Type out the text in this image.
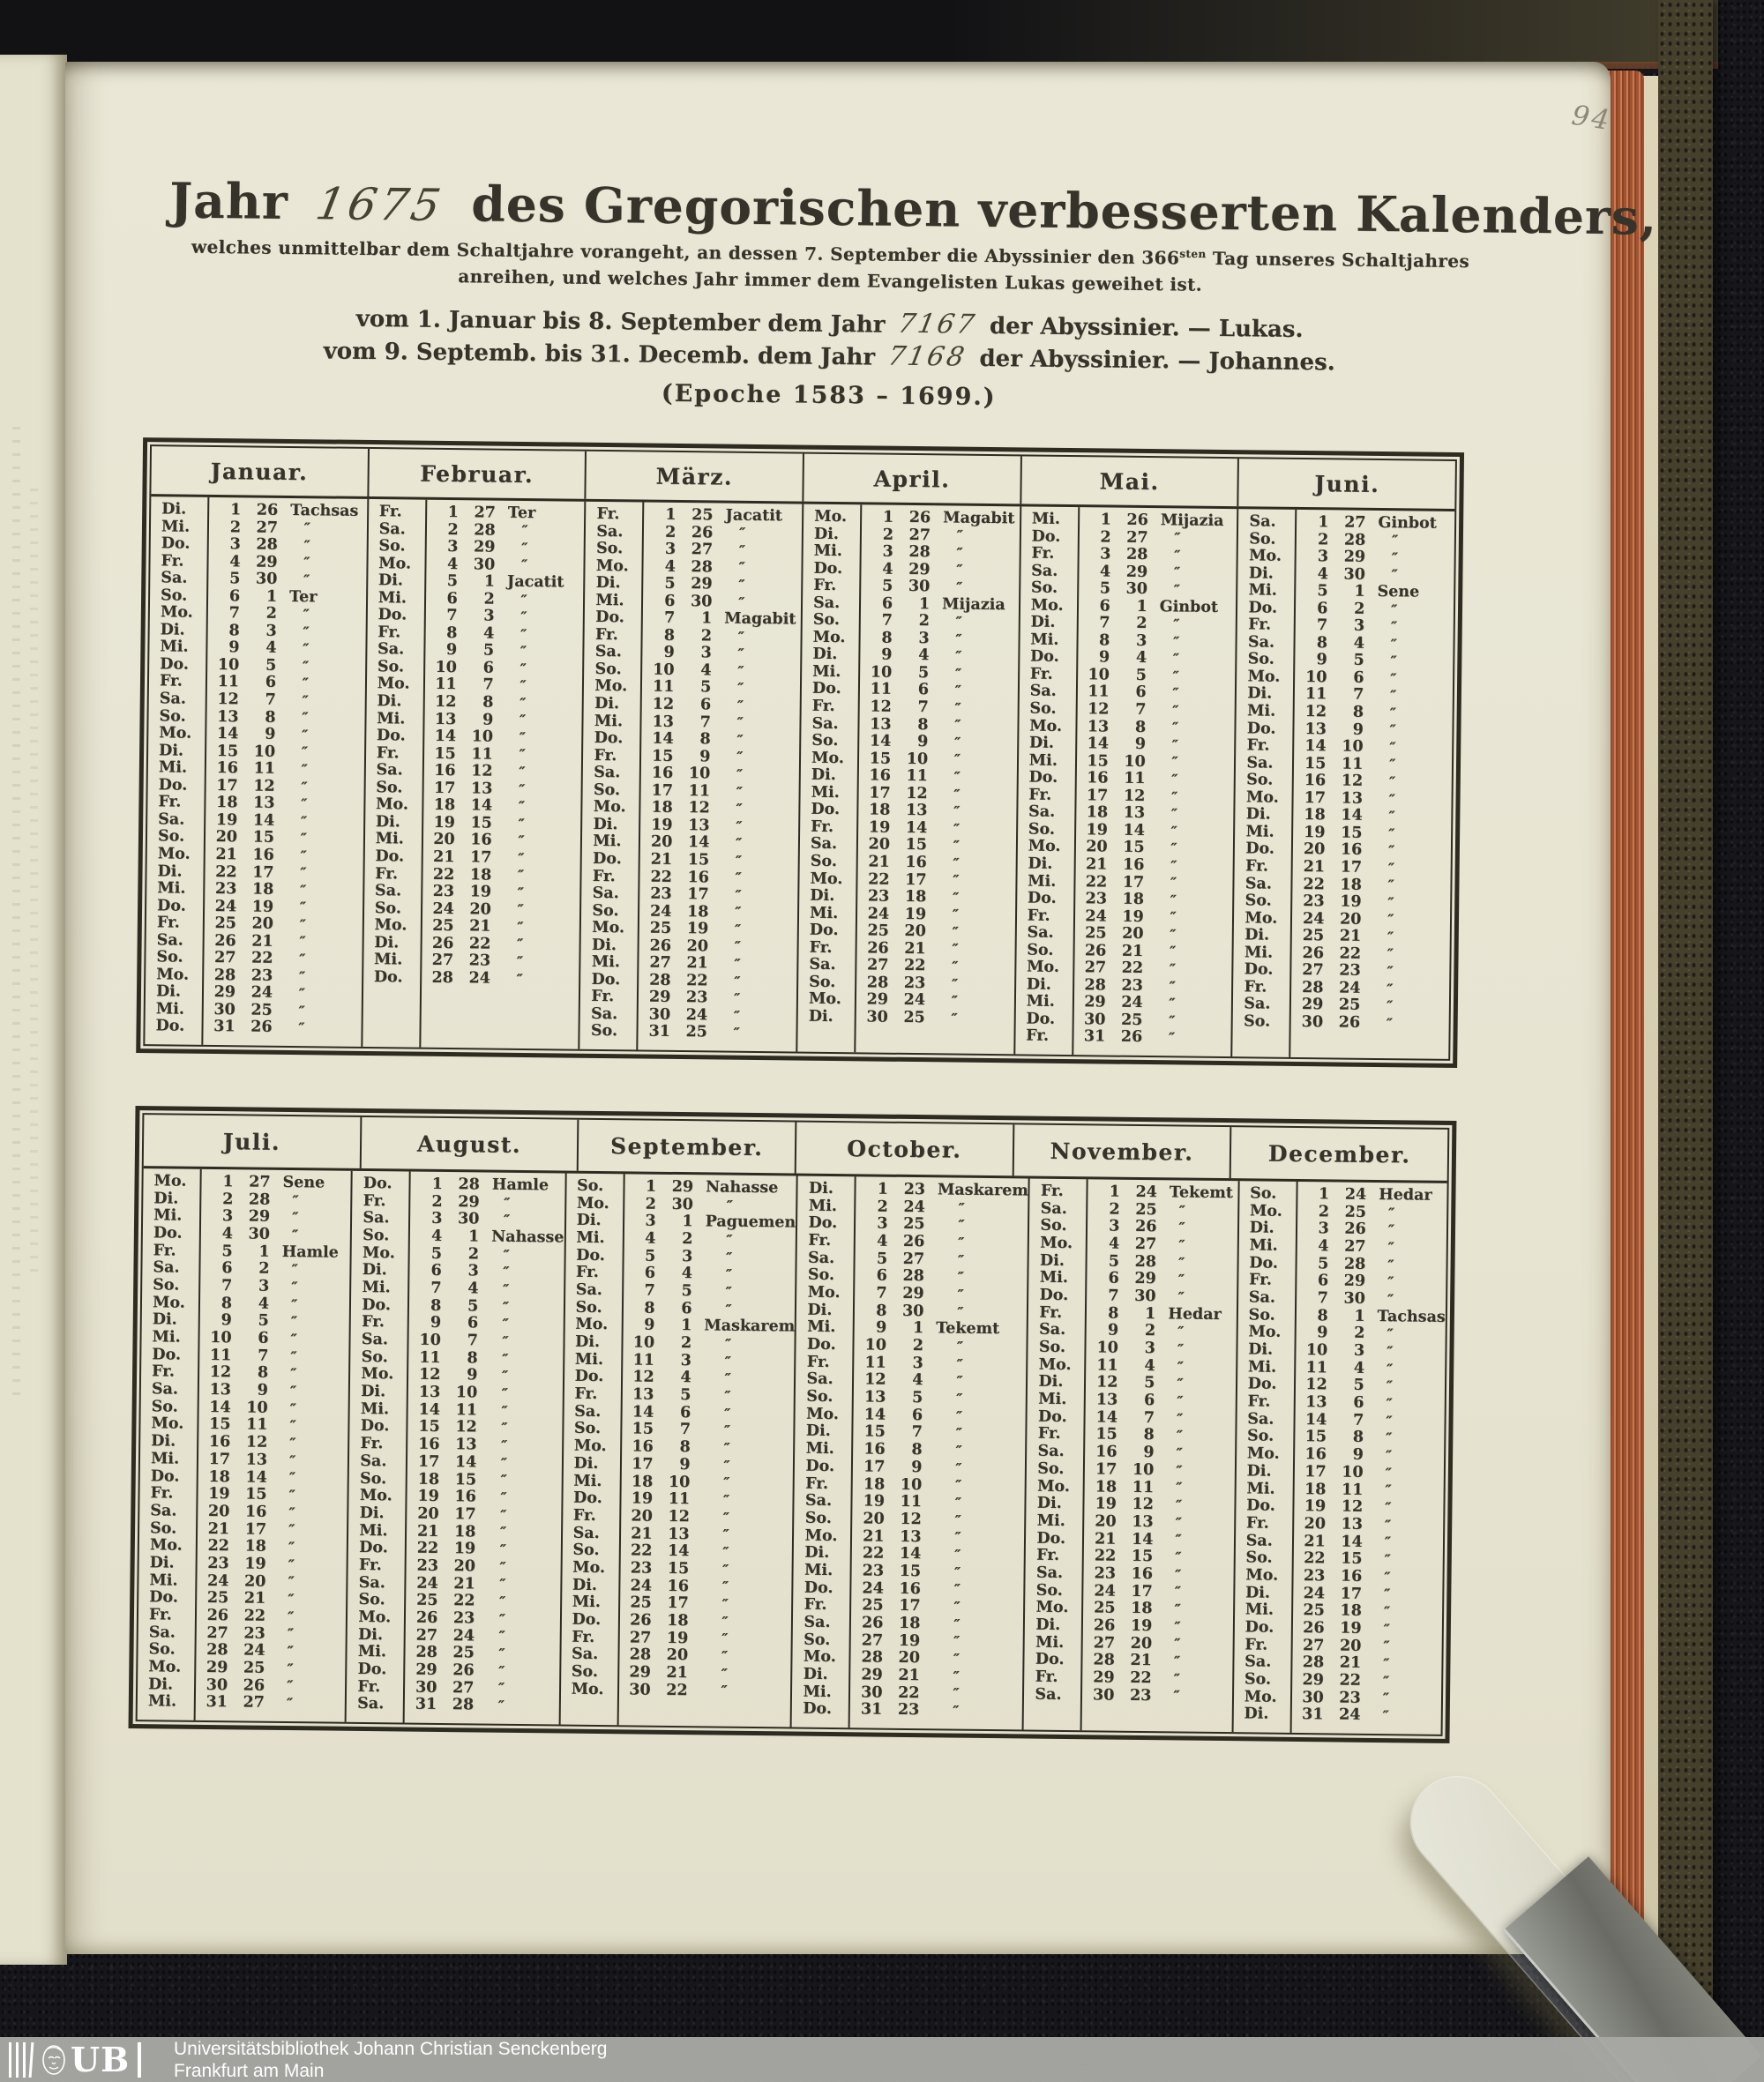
Jahr 1675 des Gregorischen verbesserten Kalenders,
welches unmittelbar dem Schaltjahre vorangeht, an dessen 7. September die Abyssinier den $366^{sten}$ Tag unseres Schaltjahres
anreihen, und welches Jahr immer dem Evangelisten Lukas geweihet ist.
vom 1. Januar bis 8. September dem Jahr 7167 der Abyssinier. — Lukas.
vom 9. Septemb. bis 31. Decemb. dem Jahr 7168 der Abyssinier. — Johannes.
(Epoche 1583 – 1699.)
Januar.	Februar.	März.	April.	Mai.	Juni.
Di.	1 26 Tachsas
Mi.	2 27	″
Do.	3 28	″
Fr.	4 29	″
Sa.	5 30	″
So.	6	1 Ter
Mo.	7	2	″
Di.	8	3	″
Mi.	9	4	″
Do.	10	5	″
Fr.	11	6	″
Sa.	12	7	″
So.	13	8	″
Mo.	14	9	″
Di.	15 10	″
Mi.	16 11	″
Do.	17 12	″
Fr.	18 13	″
Sa.	19 14	″
So.	20 15	″
Mo.	21 16	″
Di.	22 17	″
Mi.	23 18	″
Do.	24 19	″
Fr.	25 20	″
Sa.	26 21	″
So.	27 22	″
Mo.	28 23	″
Di.	29 24	″
Mi.	30 25	″
Do.	31 26	″
Fr.	1 27 Ter
Sa.	2 28	″
So.	3 29	″
Mo.	4 30	″
Di.	5	1 Jacatit
Mi.	6	2	″
Do.	7	3	″
Fr.	8	4	″
Sa.	9	5	″
So.	10	6	″
Mo.	11	7	″
Di.	12	8	″
Mi.	13	9	″
Do.	14 10	″
Fr.	15 11	″
Sa.	16 12	″
So.	17 13	″
Mo.	18 14	″
Di.	19 15	″
Mi.	20 16	″
Do.	21 17	″
Fr.	22 18	″
Sa.	23 19	″
So.	24 20	″
Mo.	25 21	″
Di.	26 22	″
Mi.	27 23	″
Do.	28 24	″
Fr.	1 25 Jacatit
Sa.	2 26	″
So.	3 27	″
Mo.	4 28	″
Di.	5 29	″
Mi.	6 30	″
Do.	7	1 Magabit
Fr.	8	2	″
Sa.	9	3	″
So.	10	4	″
Mo.	11	5	″
Di.	12	6	″
Mi.	13	7	″
Do.	14	8	″
Fr.	15	9	″
Sa.	16 10	″
So.	17 11	″
Mo.	18 12	″
Di.	19 13	″
Mi.	20 14	″
Do.	21 15	″
Fr.	22 16	″
Sa.	23 17	″
So.	24 18	″
Mo.	25 19	″
Di.	26 20	″
Mi.	27 21	″
Do.	28 22	″
Fr.	29 23	″
Sa.	30 24	″
So.	31 25	″
Mo.	1 26 Magabit
Di.	2 27	″
Mi.	3 28	″
Do.	4 29	″
Fr.	5 30	″
Sa.	6	1 Mijazia
So.	7	2	″
Mo.	8	3	″
Di.	9	4	″
Mi.	10	5	″
Do.	11	6	″
Fr.	12	7	″
Sa.	13	8	″
So.	14	9	″
Mo.	15 10	″
Di.	16 11	″
Mi.	17 12	″
Do.	18 13	″
Fr.	19 14	″
Sa.	20 15	″
So.	21 16	″
Mo.	22 17	″
Di.	23 18	″
Mi.	24 19	″
Do.	25 20	″
Fr.	26 21	″
Sa.	27 22	″
So.	28 23	″
Mo.	29 24	″
Di.	30 25	″
Mi.	1 26 Mijazia
Do.	2 27	″
Fr.	3 28	″
Sa.	4 29	″
So.	5 30	″
Mo.	6	1 Ginbot
Di.	7	2	″
Mi.	8	3	″
Do.	9	4	″
Fr.	10	5	″
Sa.	11	6	″
So.	12	7	″
Mo.	13	8	″
Di.	14	9	″
Mi.	15 10	″
Do.	16 11	″
Fr.	17 12	″
Sa.	18 13	″
So.	19 14	″
Mo.	20 15	″
Di.	21 16	″
Mi.	22 17	″
Do.	23 18	″
Fr.	24 19	″
Sa.	25 20	″
So.	26 21	″
Mo.	27 22	″
Di.	28 23	″
Mi.	29 24	″
Do.	30 25	″
Fr.	31 26	″
Sa.	1 27 Ginbot
So.	2 28	″
Mo.	3 29	″
Di.	4 30	″
Mi.	5	1 Sene
Do.	6	2	″
Fr.	7	3	″
Sa.	8	4	″
So.	9	5	″
Mo.	10	6	″
Di.	11	7	″
Mi.	12	8	″
Do.	13	9	″
Fr.	14 10	″
Sa.	15 11	″
So.	16 12	″
Mo.	17 13	″
Di.	18 14	″
Mi.	19 15	″
Do.	20 16	″
Fr.	21 17	″
Sa.	22 18	″
So.	23 19	″
Mo.	24 20	″
Di.	25 21	″
Mi.	26 22	″
Do.	27 23	″
Fr.	28 24	″
Sa.	29 25	″
So.	30 26	″
Juli.	August.	September.	October.	November.	December.
Mo.	1 27 Sene
Di.	2 28	″
Mi.	3 29	″
Do.	4 30	″
Fr.	5	1 Hamle
Sa.	6	2	″
So.	7	3	″
Mo.	8	4	″
Di.	9	5	″
Mi.	10	6	″
Do.	11	7	″
Fr.	12	8	″
Sa.	13	9	″
So.	14 10	″
Mo.	15 11	″
Di.	16 12	″
Mi.	17 13	″
Do.	18 14	″
Fr.	19 15	″
Sa.	20 16	″
So.	21 17	″
Mo.	22 18	″
Di.	23 19	″
Mi.	24 20	″
Do.	25 21	″
Fr.	26 22	″
Sa.	27 23	″
So.	28 24	″
Mo.	29 25	″
Di.	30 26	″
Mi.	31 27	″
Do.	1 28 Hamle
Fr.	2 29	″
Sa.	3 30	″
So.	4	1 Nahasse
Mo.	5	2	″
Di.	6	3	″
Mi.	7	4	″
Do.	8	5	″
Fr.	9	6	″
Sa.	10	7	″
So.	11	8	″
Mo.	12	9	″
Di.	13 10	″
Mi.	14 11	″
Do.	15 12	″
Fr.	16 13	″
Sa.	17 14	″
So.	18 15	″
Mo.	19 16	″
Di.	20 17	″
Mi.	21 18	″
Do.	22 19	″
Fr.	23 20	″
Sa.	24 21	″
So.	25 22	″
Mo.	26 23	″
Di.	27 24	″
Mi.	28 25	″
Do.	29 26	″
Fr.	30 27	″
Sa.	31 28	″
So.	1 29 Nahasse
Mo.	2 30	″
Di.	3	1 Paguemen
Mi.	4	2	″
Do.	5	3	″
Fr.	6	4	″
Sa.	7	5	″
So.	8	6	″
Mo.	9	1 Maskarem
Di.	10	2	″
Mi.	11	3	″
Do.	12	4	″
Fr.	13	5	″
Sa.	14	6	″
So.	15	7	″
Mo.	16	8	″
Di.	17	9	″
Mi.	18 10	″
Do.	19 11	″
Fr.	20 12	″
Sa.	21 13	″
So.	22 14	″
Mo.	23 15	″
Di.	24 16	″
Mi.	25 17	″
Do.	26 18	″
Fr.	27 19	″
Sa.	28 20	″
So.	29 21	″
Mo.	30 22	″
Di.	1 23 Maskarem
Mi.	2 24	″
Do.	3 25	″
Fr.	4 26	″
Sa.	5 27	″
So.	6 28	″
Mo.	7 29	″
Di.	8 30	″
Mi.	9	1 Tekemt
Do.	10	2	″
Fr.	11	3	″
Sa.	12	4	″
So.	13	5	″
Mo.	14	6	″
Di.	15	7	″
Mi.	16	8	″
Do.	17	9	″
Fr.	18 10	″
Sa.	19 11	″
So.	20 12	″
Mo.	21 13	″
Di.	22 14	″
Mi.	23 15	″
Do.	24 16	″
Fr.	25 17	″
Sa.	26 18	″
So.	27 19	″
Mo.	28 20	″
Di.	29 21	″
Mi.	30 22	″
Do.	31 23	″
Fr.	1 24 Tekemt
Sa.	2 25	″
So.	3 26	″
Mo.	4 27	″
Di.	5 28	″
Mi.	6 29	″
Do.	7 30	″
Fr.	8	1 Hedar
Sa.	9	2	″
So.	10	3	″
Mo.	11	4	″
Di.	12	5	″
Mi.	13	6	″
Do.	14	7	″
Fr.	15	8	″
Sa.	16	9	″
So.	17 10	″
Mo.	18 11	″
Di.	19 12	″
Mi.	20 13	″
Do.	21 14	″
Fr.	22 15	″
Sa.	23 16	″
So.	24 17	″
Mo.	25 18	″
Di.	26 19	″
Mi.	27 20	″
Do.	28 21	″
Fr.	29 22	″
Sa.	30 23	″
So.	1 24 Hedar
Mo.	2 25	″
Di.	3 26	″
Mi.	4 27	″
Do.	5 28	″
Fr.	6 29	″
Sa.	7 30	″
So.	8	1 Tachsas
Mo.	9	2	″
Di.	10	3	″
Mi.	11	4	″
Do.	12	5	″
Fr.	13	6	″
Sa.	14	7	″
So.	15	8	″
Mo.	16	9	″
Di.	17 10	″
Mi.	18 11	″
Do.	19 12	″
Fr.	20 13	″
Sa.	21 14	″
So.	22 15	″
Mo.	23 16	″
Di.	24 17	″
Mi.	25 18	″
Do.	26 19	″
Fr.	27 20	″
Sa.	28 21	″
So.	29 22	″
Mo.	30 23	″
Di.	31 24	″
94
UB Universitätsbibliothek Johann Christian Senckenberg
Frankfurt am Main
